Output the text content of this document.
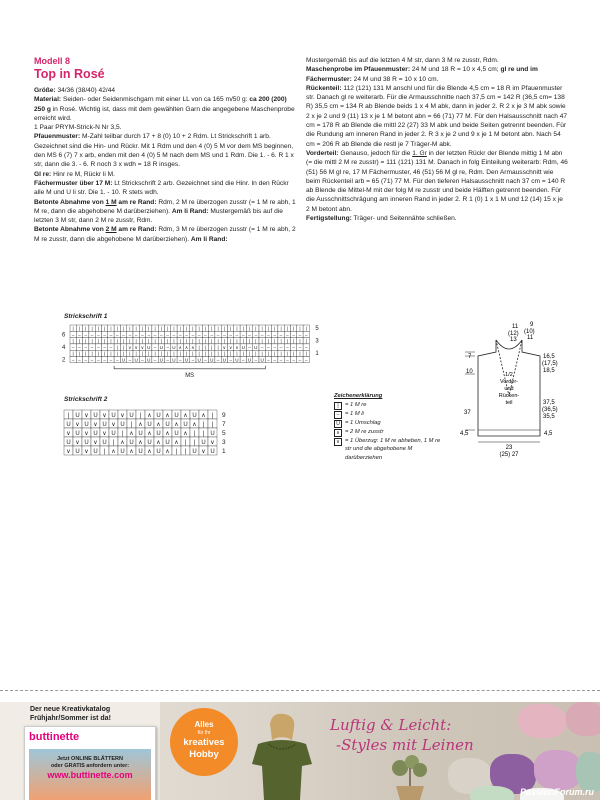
Modell 8
Top in Rosé

Größe: 34/36 (38/40) 42/44

Material: Seiden- oder Seidenmischgarn mit einer LL von ca 165 m/50 g: ca 200 (200) 250 g in Rosé. Wichtig ist, dass mit dem gewählten Garn die angegebene Maschenprobe erreicht wird.

1 Paar PRYM-Strick-N Nr 3,5.

Pfauenmuster: M-Zahl teilbar durch 17 + 8 (0) 10 + 2 Rdm. Lt Strickschrift 1 arb. Gezeichnet sind die Hin- und Rückr. Mit 1 Rdm und den 4 (0) 5 M vor dem MS beginnen, den MS 6 (7) 7 x arb, enden mit den 4 (0) 5 M nach dem MS und 1 Rdm. Die 1. - 6. R 1 x str, dann die 3. - 6. R noch 3 x wdh = 18 R insges.

Gl re: Hinr re M, Rückr li M.

Fächermuster über 17 M: Lt Strickschrift 2 arb. Gezeichnet sind die Hinr. In den Rückr alle M und U li str. Die 1. - 10. R stets wdh.

Betonte Abnahme von 1 M am re Rand: Rdm, 2 M re überzogen zusstr (= 1 M re abh, 1 M re, dann die abgehobene M darüberziehen). Am li Rand: Mustergemäß bis auf die letzten 3 M str, dann 2 M re zusstr, Rdm.

Betonte Abnahme von 2 M am re Rand: Rdm, 3 M re überzogen zusstr (= 1 M re abh, 2 M re zusstr, dann die abgehobene M darüberziehen). Am li Rand:

Mustergemäß bis auf die letzten 4 M str, dann 3 M re zusstr, Rdm.

Maschenprobe im Pfauenmuster: 24 M und 18 R = 10 x 4,5 cm; gl re und im Fächermuster: 24 M und 38 R = 10 x 10 cm.

Rückenteil: 112 (121) 131 M anschl und für die Blende 4,5 cm = 18 R im Pfauenmuster str. Danach gl re weiterarb. Für die Armausschnitte nach 37,5 cm = 142 R (36,5 cm= 138 R) 35,5 cm = 134 R ab Blende beids 1 x 4 M abk, dann in jeder 2. R 2 x je 3 M abk sowie 2 x je 2 und 9 (11) 13 x je 1 M betont abn = 66 (71) 77 M. Für den Halsausschnitt nach 47 cm = 178 R ab Blende die mittl 22 (27) 33 M abk und beide Seiten getrennt beenden. Für die Rundung am inneren Rand in jeder 2. R 3 x je 2 und 9 x je 1 M betont abn. Nach 54 cm = 206 R ab Blende die restl je 7 Träger-M abk.

Vorderteil: Genauso, jedoch für die 1. Gr in der letzten Rückr der Blende mittig 1 M abn (= die mittl 2 M re zusstr) = 111 (121) 131 M. Danach in folg Einteilung weiterarb: Rdm, 46 (51) 56 M gl re, 17 M Fächermuster, 46 (51) 56 M gl re, Rdm. Den Armausschnitt wie beim Rückenteil arb = 65 (71) 77 M. Für den tieferen Halsausschnitt nach 37 cm = 140 R ab Blende die Mittel-M mit der folg M re zusstr und beide Hälften getrennt beenden. Für die Ausschnittschrägung am inneren Rand in jeder 2. R 1 (0) 1 x 1 M und 12 (14) 15 x je 2 M betont abn.

Fertigstellung: Träger- und Seitennähte schließen.

Strickschrift 1
| | | | | | | | | | | | | | | | | | | | | | | | | | | | | | | | | | | | | |
– – – – – – – – – – – – – – – – – – – – – – – – – – – – – – – – – – – – – –
| | | | | | | | | | | | | | | | | | | | | | | | | | | | | | | | | | | | | |
– – – – – – – | | ∨ ∨ ∨ U – U – U ∧ ∧ ∧ | | | | ∨ ∨ ∨ U – U – – – – – – – –
| | | | | | | | | | | | | | | | | | | | | | | | | | | | | | | | | | | | | |
– – – – – – – – U – U – U – U – U – U – U – U – U – U – U – U – – – – – – –
5
3
1
6
4
2
MS
Strickschrift 2
| U ∨ U ∨ U ∨ U | ∧ U ∧ U ∧ U ∧ |
U ∨ U ∨ U ∨ U | ∧ U ∧ U ∧ U ∧ | |
∨ U ∨ U ∨ U | ∧ U ∧ U ∧ U ∧ | | U
U ∨ U ∨ U | ∧ U ∧ U ∧ U ∧ | | U ∨
∨ U ∨ U | ∧ U ∧ U ∧ U ∧ | | U ∨ U
9
7
5
3
1
Zeichenerklärung
|	= 1 M re
– = 1 M li
U = 1 Umschlag
∧ = 2 M re zusstr
∨ = 1 Überzug: 1 M re abheben, 1 M re str und die abgehobene M darüberziehen
11
(12)
13
9
(10)
11
7
10
37
4,5
16,5
(17,5)
18,5
37,5
(36,5)
35,5
4,5
1/2
Vorder-
und
Rücken-
teil
23
(25) 27
Der neue Kreativkatalog
Frühjahr/Sommer ist da!
buttinette
Alles
für Ihr
kreatives
Hobby
Luftig & Leicht:
-Styles mit Leinen
PassionForum.ru
Jetzt ONLINE BLÄTTERN
oder GRATIS anfordern unter:
www.buttinette.com
